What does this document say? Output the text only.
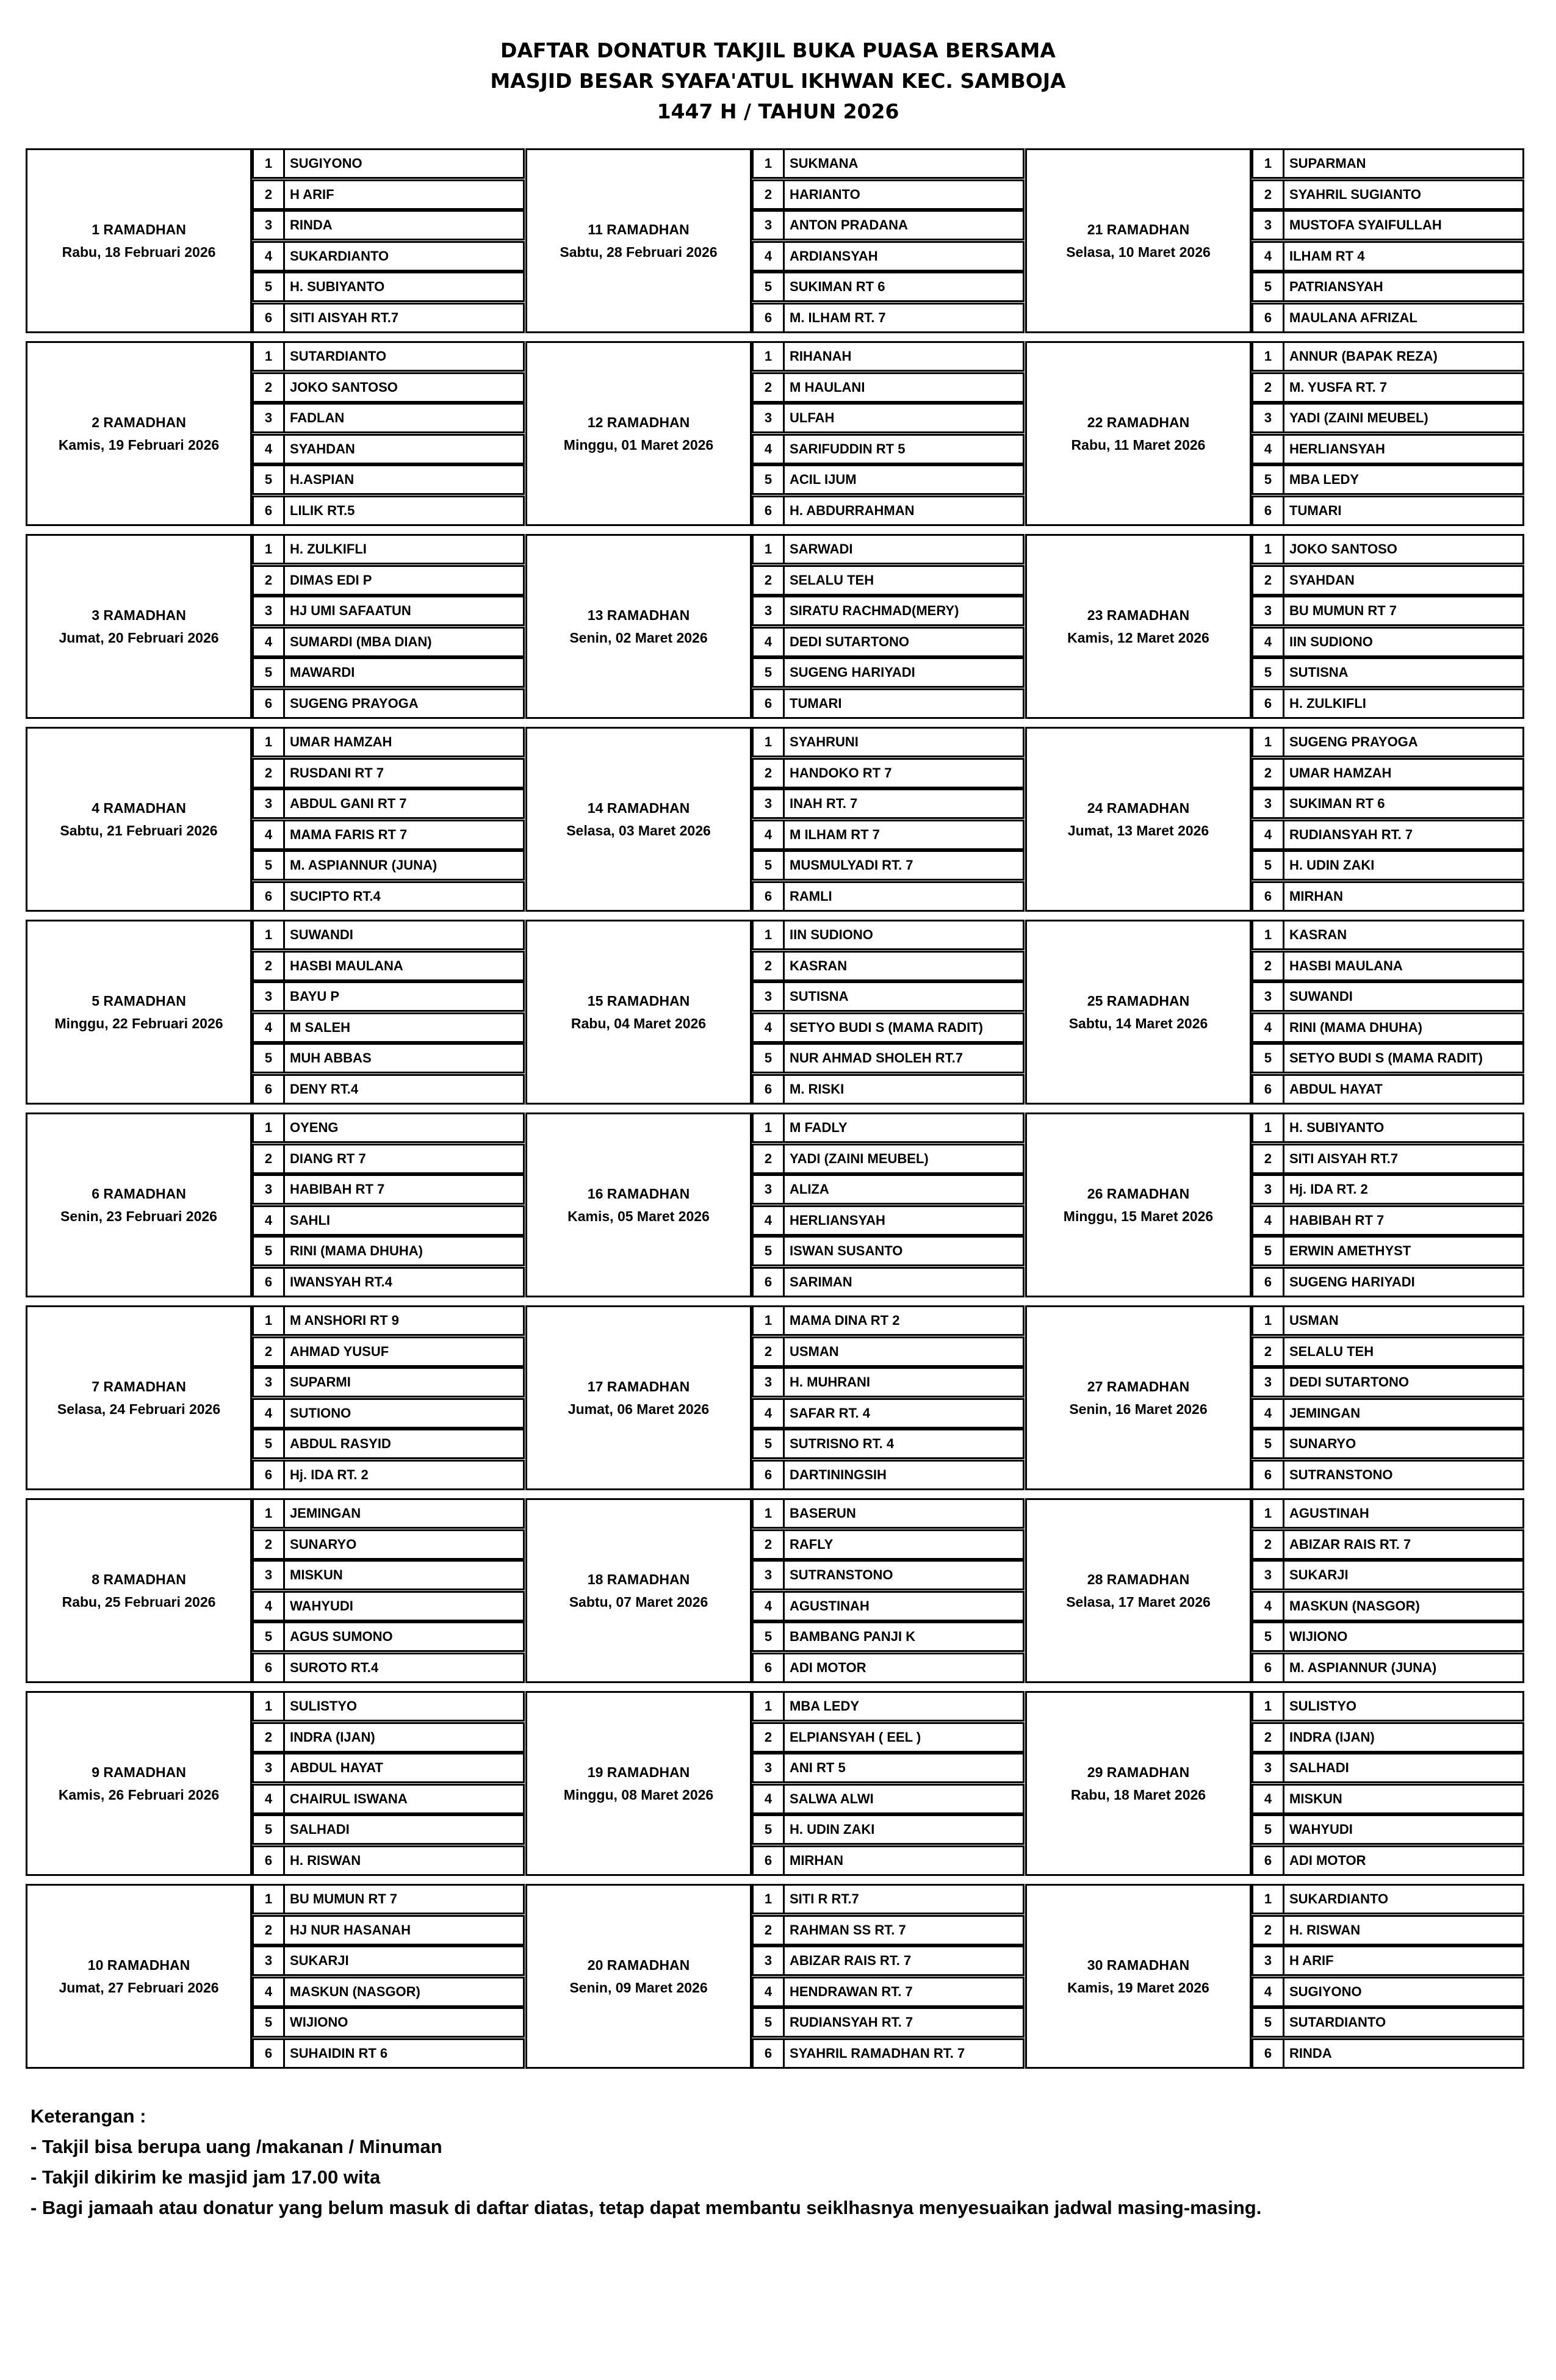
DAFTAR DONATUR TAKJIL BUKA PUASA BERSAMA
MASJID BESAR SYAFA'ATUL IKHWAN KEC. SAMBOJA
1447 H / TAHUN 2026
1 RAMADHAN
Rabu, 18 Februari 2026
1	SUGIYONO
2	H ARIF
3	RINDA
4	SUKARDIANTO
5	H. SUBIYANTO
6	SITI AISYAH RT.7
11 RAMADHAN
Sabtu, 28 Februari 2026
1	SUKMANA
2	HARIANTO
3	ANTON PRADANA
4	ARDIANSYAH
5	SUKIMAN RT 6
6	M. ILHAM RT. 7
21 RAMADHAN
Selasa, 10 Maret 2026
1	SUPARMAN
2	SYAHRIL SUGIANTO
3	MUSTOFA SYAIFULLAH
4	ILHAM RT 4
5	PATRIANSYAH
6	MAULANA AFRIZAL
2 RAMADHAN
Kamis, 19 Februari 2026
1	SUTARDIANTO
2	JOKO SANTOSO
3	FADLAN
4	SYAHDAN
5	H.ASPIAN
6	LILIK RT.5
12 RAMADHAN
Minggu, 01 Maret 2026
1	RIHANAH
2	M HAULANI
3	ULFAH
4	SARIFUDDIN RT 5
5	ACIL IJUM
6	H. ABDURRAHMAN
22 RAMADHAN
Rabu, 11 Maret 2026
1	ANNUR (BAPAK REZA)
2	M. YUSFA RT. 7
3	YADI (ZAINI MEUBEL)
4	HERLIANSYAH
5	MBA LEDY
6	TUMARI
3 RAMADHAN
Jumat, 20 Februari 2026
1	H. ZULKIFLI
2	DIMAS EDI P
3	HJ UMI SAFAATUN
4	SUMARDI (MBA DIAN)
5	MAWARDI
6	SUGENG PRAYOGA
13 RAMADHAN
Senin, 02 Maret 2026
1	SARWADI
2	SELALU TEH
3	SIRATU RACHMAD(MERY)
4	DEDI SUTARTONO
5	SUGENG HARIYADI
6	TUMARI
23 RAMADHAN
Kamis, 12 Maret 2026
1	JOKO SANTOSO
2	SYAHDAN
3	BU MUMUN RT 7
4	IIN SUDIONO
5	SUTISNA
6	H. ZULKIFLI
4 RAMADHAN
Sabtu, 21 Februari 2026
1	UMAR HAMZAH
2	RUSDANI RT 7
3	ABDUL GANI RT 7
4	MAMA FARIS RT 7
5	M. ASPIANNUR (JUNA)
6	SUCIPTO RT.4
14 RAMADHAN
Selasa, 03 Maret 2026
1	SYAHRUNI
2	HANDOKO RT 7
3	INAH RT. 7
4	M ILHAM RT 7
5	MUSMULYADI RT. 7
6	RAMLI
24 RAMADHAN
Jumat, 13 Maret 2026
1	SUGENG PRAYOGA
2	UMAR HAMZAH
3	SUKIMAN RT 6
4	RUDIANSYAH RT. 7
5	H. UDIN ZAKI
6	MIRHAN
5 RAMADHAN
Minggu, 22 Februari 2026
1	SUWANDI
2	HASBI MAULANA
3	BAYU P
4	M SALEH
5	MUH ABBAS
6	DENY RT.4
15 RAMADHAN
Rabu, 04 Maret 2026
1	IIN SUDIONO
2	KASRAN
3	SUTISNA
4	SETYO BUDI S (MAMA RADIT)
5	NUR AHMAD SHOLEH RT.7
6	M. RISKI
25 RAMADHAN
Sabtu, 14 Maret 2026
1	KASRAN
2	HASBI MAULANA
3	SUWANDI
4	RINI (MAMA DHUHA)
5	SETYO BUDI S (MAMA RADIT)
6	ABDUL HAYAT
6 RAMADHAN
Senin, 23 Februari 2026
1	OYENG
2	DIANG RT 7
3	HABIBAH RT 7
4	SAHLI
5	RINI (MAMA DHUHA)
6	IWANSYAH RT.4
16 RAMADHAN
Kamis, 05 Maret 2026
1	M FADLY
2	YADI (ZAINI MEUBEL)
3	ALIZA
4	HERLIANSYAH
5	ISWAN SUSANTO
6	SARIMAN
26 RAMADHAN
Minggu, 15 Maret 2026
1	H. SUBIYANTO
2	SITI AISYAH RT.7
3	Hj. IDA RT. 2
4	HABIBAH RT 7
5	ERWIN AMETHYST
6	SUGENG HARIYADI
7 RAMADHAN
Selasa, 24 Februari 2026
1	M ANSHORI RT 9
2	AHMAD YUSUF
3	SUPARMI
4	SUTIONO
5	ABDUL RASYID
6	Hj. IDA RT. 2
17 RAMADHAN
Jumat, 06 Maret 2026
1	MAMA DINA RT 2
2	USMAN
3	H. MUHRANI
4	SAFAR RT. 4
5	SUTRISNO RT. 4
6	DARTININGSIH
27 RAMADHAN
Senin, 16 Maret 2026
1	USMAN
2	SELALU TEH
3	DEDI SUTARTONO
4	JEMINGAN
5	SUNARYO
6	SUTRANSTONO
8 RAMADHAN
Rabu, 25 Februari 2026
1	JEMINGAN
2	SUNARYO
3	MISKUN
4	WAHYUDI
5	AGUS SUMONO
6	SUROTO RT.4
18 RAMADHAN
Sabtu, 07 Maret 2026
1	BASERUN
2	RAFLY
3	SUTRANSTONO
4	AGUSTINAH
5	BAMBANG PANJI K
6	ADI MOTOR
28 RAMADHAN
Selasa, 17 Maret 2026
1	AGUSTINAH
2	ABIZAR RAIS RT. 7
3	SUKARJI
4	MASKUN (NASGOR)
5	WIJIONO
6	M. ASPIANNUR (JUNA)
9 RAMADHAN
Kamis, 26 Februari 2026
1	SULISTYO
2	INDRA (IJAN)
3	ABDUL HAYAT
4	CHAIRUL ISWANA
5	SALHADI
6	H. RISWAN
19 RAMADHAN
Minggu, 08 Maret 2026
1	MBA LEDY
2	ELPIANSYAH ( EEL )
3	ANI RT 5
4	SALWA ALWI
5	H. UDIN ZAKI
6	MIRHAN
29 RAMADHAN
Rabu, 18 Maret 2026
1	SULISTYO
2	INDRA (IJAN)
3	SALHADI
4	MISKUN
5	WAHYUDI
6	ADI MOTOR
10 RAMADHAN
Jumat, 27 Februari 2026
1	BU MUMUN RT 7
2	HJ NUR HASANAH
3	SUKARJI
4	MASKUN (NASGOR)
5	WIJIONO
6	SUHAIDIN RT 6
20 RAMADHAN
Senin, 09 Maret 2026
1	SITI R RT.7
2	RAHMAN SS RT. 7
3	ABIZAR RAIS RT. 7
4	HENDRAWAN RT. 7
5	RUDIANSYAH RT. 7
6	SYAHRIL RAMADHAN RT. 7
30 RAMADHAN
Kamis, 19 Maret 2026
1	SUKARDIANTO
2	H. RISWAN
3	H ARIF
4	SUGIYONO
5	SUTARDIANTO
6	RINDA
Keterangan :
- Takjil bisa berupa uang /makanan / Minuman
- Takjil dikirim ke masjid jam 17.00 wita
- Bagi jamaah atau donatur yang belum masuk di daftar diatas, tetap dapat membantu seiklhasnya menyesuaikan jadwal masing-masing.
